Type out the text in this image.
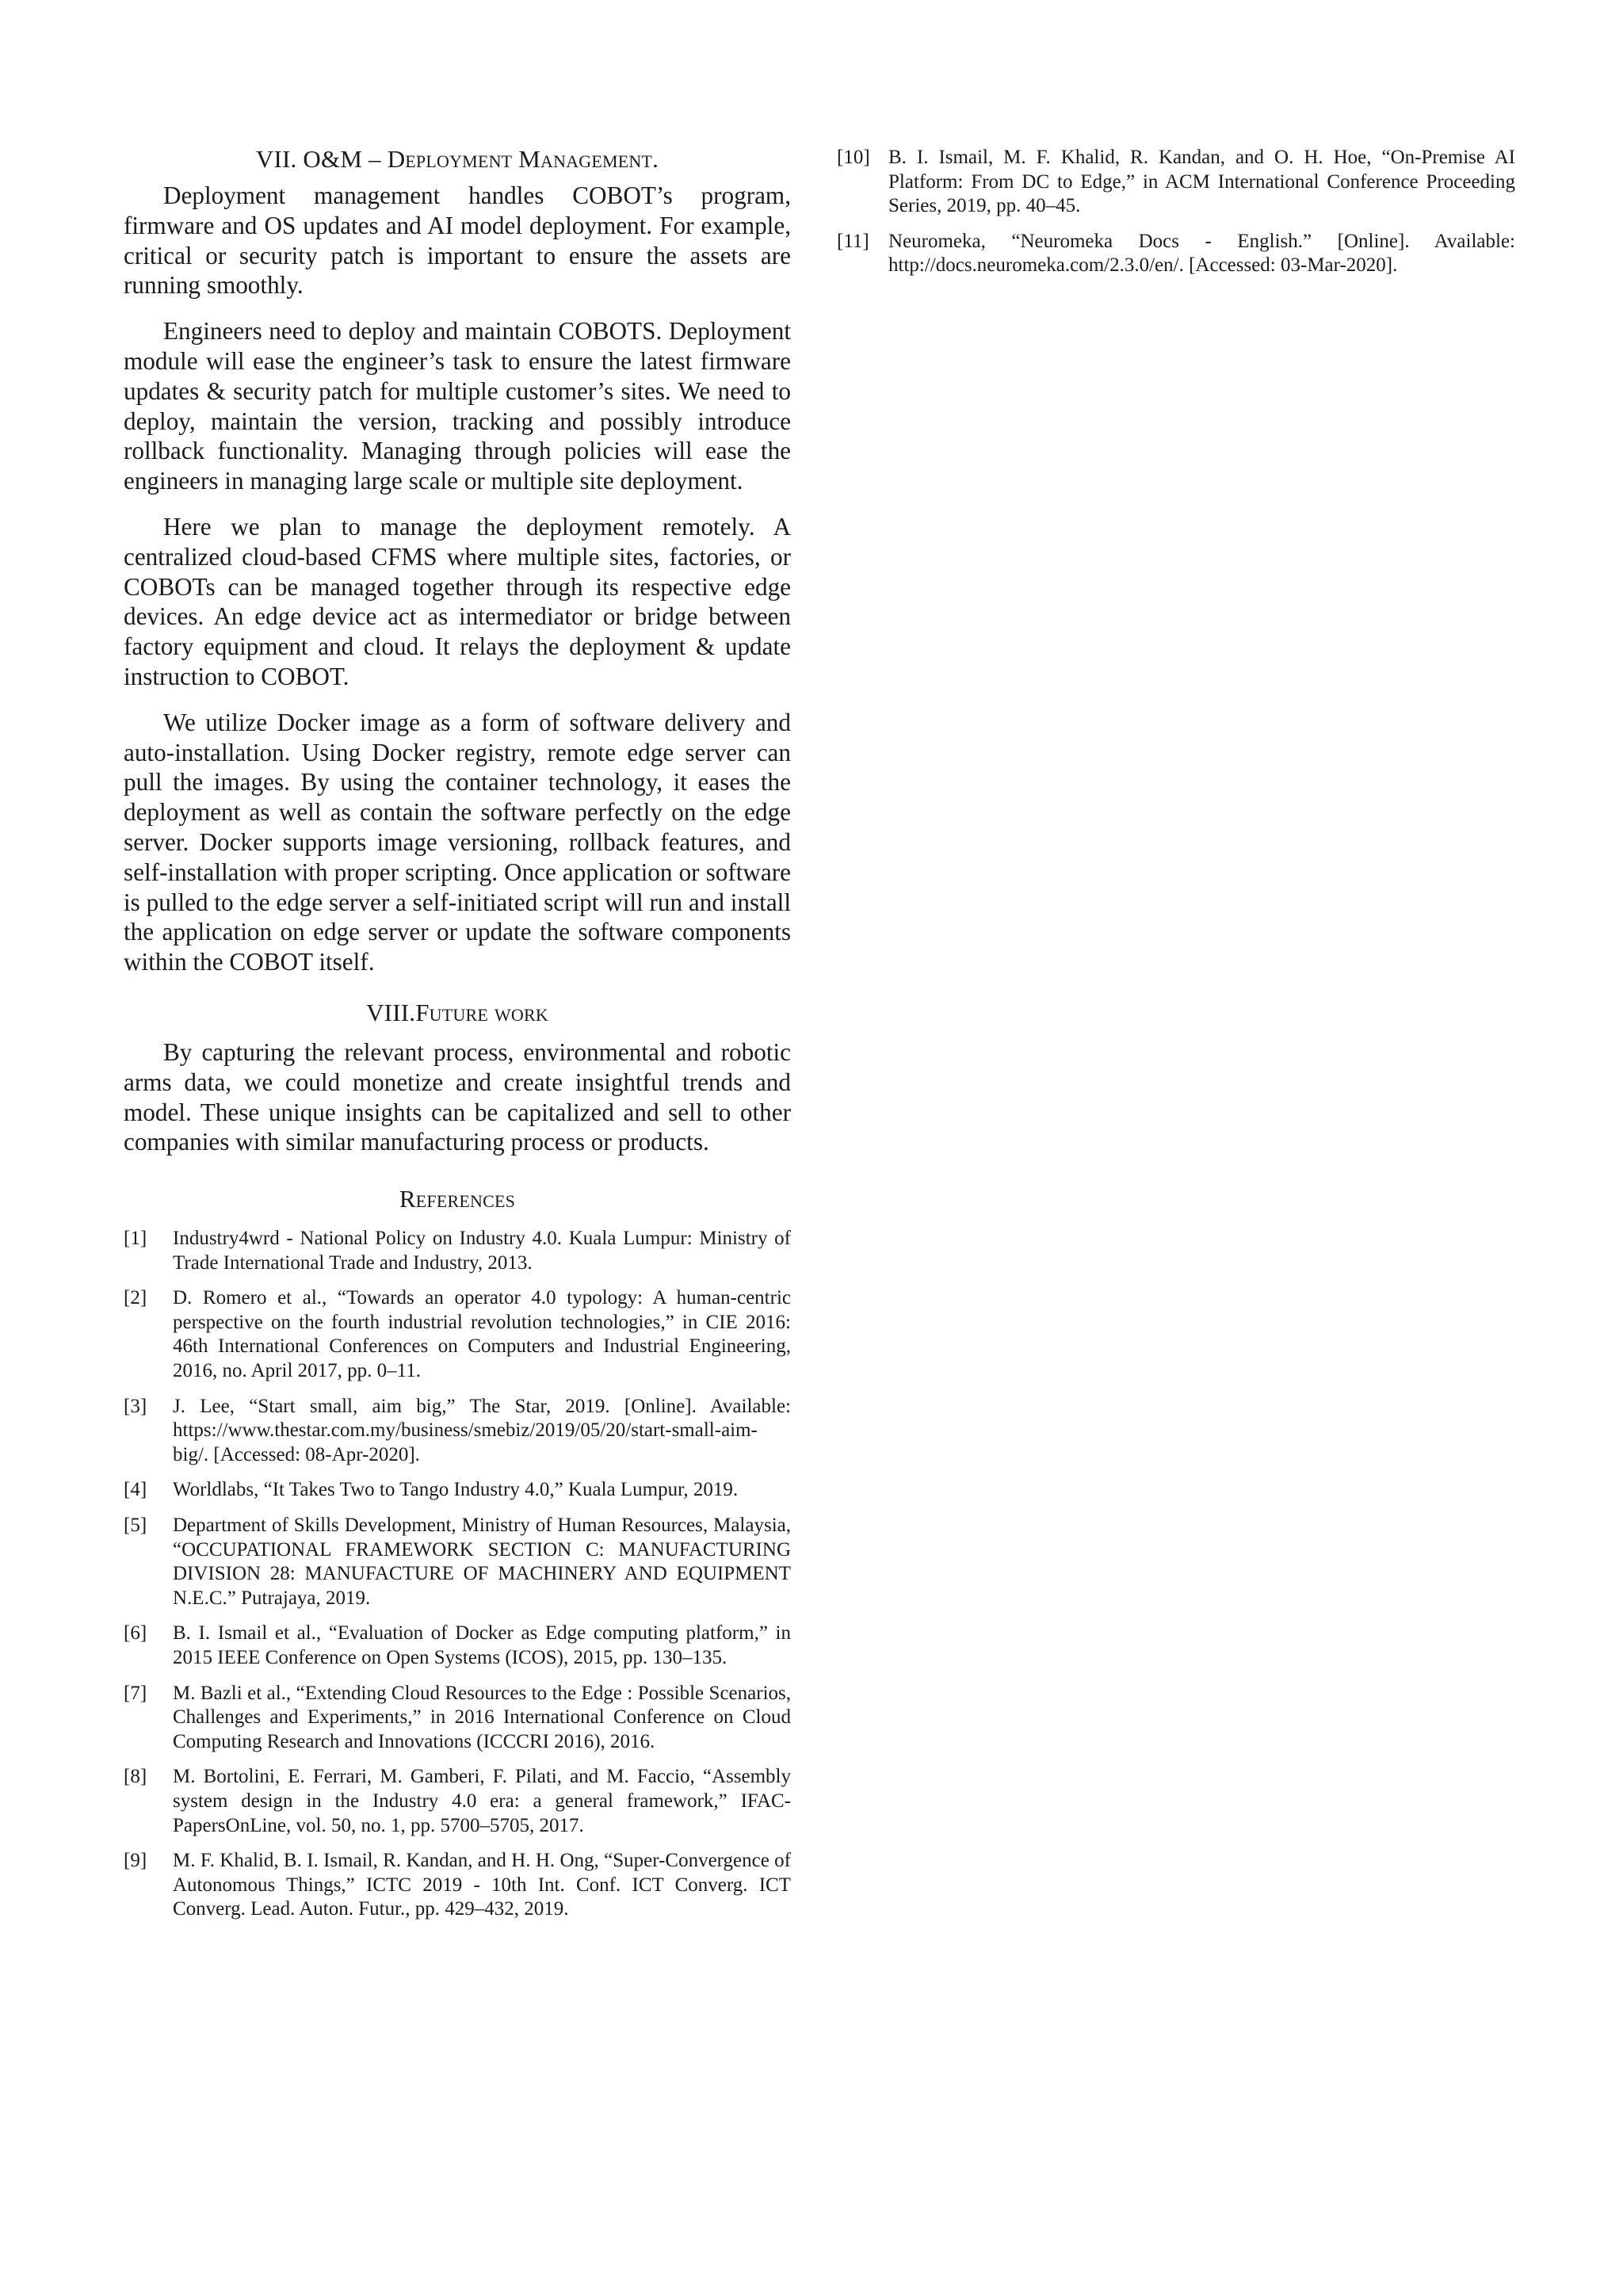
VII. O&M – Deployment Management.

Deployment management handles COBOT’s program, firmware and OS updates and AI model deployment. For example, critical or security patch is important to ensure the assets are running smoothly.

Engineers need to deploy and maintain COBOTS. Deployment module will ease the engineer’s task to ensure the latest firmware updates & security patch for multiple customer’s sites. We need to deploy, maintain the version, tracking and possibly introduce rollback functionality. Managing through policies will ease the engineers in managing large scale or multiple site deployment.

Here we plan to manage the deployment remotely. A centralized cloud-based CFMS where multiple sites, factories, or COBOTs can be managed together through its respective edge devices. An edge device act as intermediator or bridge between factory equipment and cloud. It relays the deployment & update instruction to COBOT.

We utilize Docker image as a form of software delivery and auto-installation. Using Docker registry, remote edge server can pull the images. By using the container technology, it eases the deployment as well as contain the software perfectly on the edge server. Docker supports image versioning, rollback features, and self-installation with proper scripting. Once application or software is pulled to the edge server a self-initiated script will run and install the application on edge server or update the software components within the COBOT itself.

VIII.Future work

By capturing the relevant process, environmental and robotic arms data, we could monetize and create insightful trends and model. These unique insights can be capitalized and sell to other companies with similar manufacturing process or products.

References
[1]	Industry4wrd - National Policy on Industry 4.0. Kuala Lumpur: Ministry of Trade International Trade and Industry, 2013.
[2]	D. Romero et al., “Towards an operator 4.0 typology: A human-centric perspective on the fourth industrial revolution technologies,” in CIE 2016: 46th International Conferences on Computers and Industrial Engineering, 2016, no. April 2017, pp. 0–11.
[3]	J. Lee, “Start small, aim big,” The Star, 2019. [Online]. Available: https://www.thestar.com.my/business/smebiz/2019/05/20/start-small-aim-big/. [Accessed: 08-Apr-2020].
[4]	Worldlabs, “It Takes Two to Tango Industry 4.0,” Kuala Lumpur, 2019.
[5]	Department of Skills Development, Ministry of Human Resources, Malaysia, “OCCUPATIONAL FRAMEWORK SECTION C: MANUFACTURING DIVISION 28: MANUFACTURE OF MACHINERY AND EQUIPMENT N.E.C.” Putrajaya, 2019.
[6]	B. I. Ismail et al., “Evaluation of Docker as Edge computing platform,” in 2015 IEEE Conference on Open Systems (ICOS), 2015, pp. 130–135.
[7]	M. Bazli et al., “Extending Cloud Resources to the Edge : Possible Scenarios, Challenges and Experiments,” in 2016 International Conference on Cloud Computing Research and Innovations (ICCCRI 2016), 2016.
[8]	M. Bortolini, E. Ferrari, M. Gamberi, F. Pilati, and M. Faccio, “Assembly system design in the Industry 4.0 era: a general framework,” IFAC-PapersOnLine, vol. 50, no. 1, pp. 5700–5705, 2017.
[9]	M. F. Khalid, B. I. Ismail, R. Kandan, and H. H. Ong, “Super-Convergence of Autonomous Things,” ICTC 2019 - 10th Int. Conf. ICT Converg. ICT Converg. Lead. Auton. Futur., pp. 429–432, 2019.
[10] B. I. Ismail, M. F. Khalid, R. Kandan, and O. H. Hoe, “On-Premise AI Platform: From DC to Edge,” in ACM International Conference Proceeding Series, 2019, pp. 40–45.
[11] Neuromeka, “Neuromeka Docs - English.” [Online]. Available: http://docs.neuromeka.com/2.3.0/en/. [Accessed: 03-Mar-2020].
